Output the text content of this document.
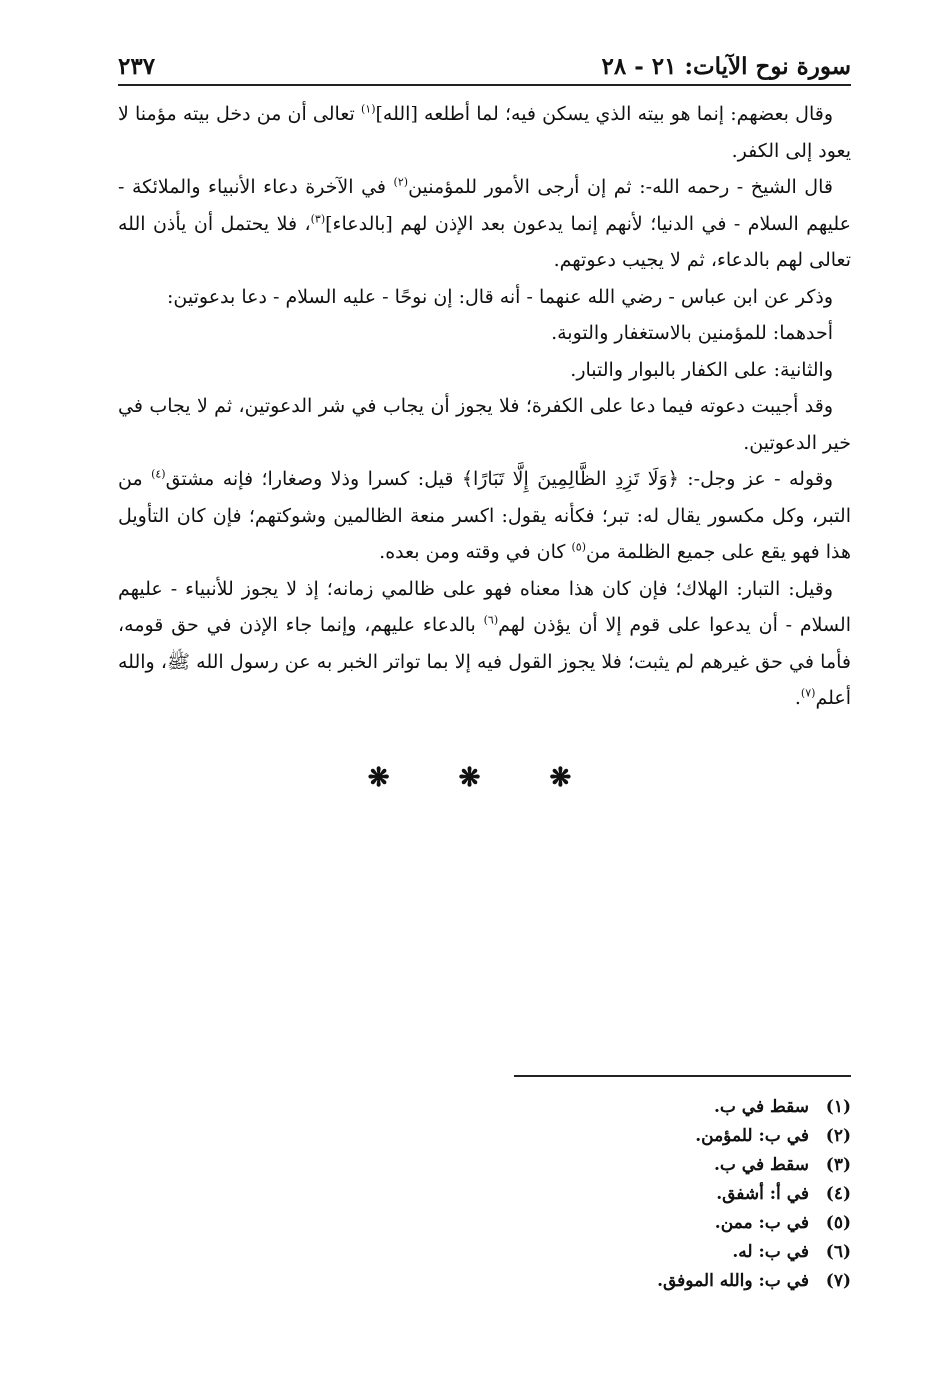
سورة نوح الآيات: ٢١ - ٢٨
٢٣٧

وقال بعضهم: إنما هو بيته الذي يسكن فيه؛ لما أطلعه [الله]$^{(١)}$ تعالى أن من دخل بيته مؤمنا لا يعود إلى الكفر.

قال الشيخ - رحمه الله-: ثم إن أرجى الأمور للمؤمنين$^{(٢)}$ في الآخرة دعاء الأنبياء والملائكة - عليهم السلام - في الدنيا؛ لأنهم إنما يدعون بعد الإذن لهم [بالدعاء]$^{(٣)}$، فلا يحتمل أن يأذن الله تعالى لهم بالدعاء، ثم لا يجيب دعوتهم.

وذكر عن ابن عباس - رضي الله عنهما - أنه قال: إن نوحًا - عليه السلام - دعا بدعوتين:

أحدهما: للمؤمنين بالاستغفار والتوبة.

والثانية: على الكفار بالبوار والتبار.

وقد أجيبت دعوته فيما دعا على الكفرة؛ فلا يجوز أن يجاب في شر الدعوتين، ثم لا يجاب في خير الدعوتين.

وقوله - عز وجل-: ﴿وَلَا تَزِدِ الظَّالِمِينَ إِلَّا تَبَارًا﴾ قيل: كسرا وذلا وصغارا؛ فإنه مشتق$^{(٤)}$ من التبر، وكل مكسور يقال له: تبر؛ فكأنه يقول: اكسر منعة الظالمين وشوكتهم؛ فإن كان التأويل هذا فهو يقع على جميع الظلمة من$^{(٥)}$ كان في وقته ومن بعده.

وقيل: التبار: الهلاك؛ فإن كان هذا معناه فهو على ظالمي زمانه؛ إذ لا يجوز للأنبياء - عليهم السلام - أن يدعوا على قوم إلا أن يؤذن لهم$^{(٦)}$ بالدعاء عليهم، وإنما جاء الإذن في حق قومه، فأما في حق غيرهم لم يثبت؛ فلا يجوز القول فيه إلا بما تواتر الخبر به عن رسول الله ﷺ، والله أعلم$^{(٧)}$.

❋ ❋ ❋
(١)
سقط في ب.
(٢)
في ب: للمؤمن.
(٣)
سقط في ب.
(٤)
في أ: أشفق.
(٥)
في ب: ممن.
(٦)
في ب: له.
(٧)
في ب: والله الموفق.
